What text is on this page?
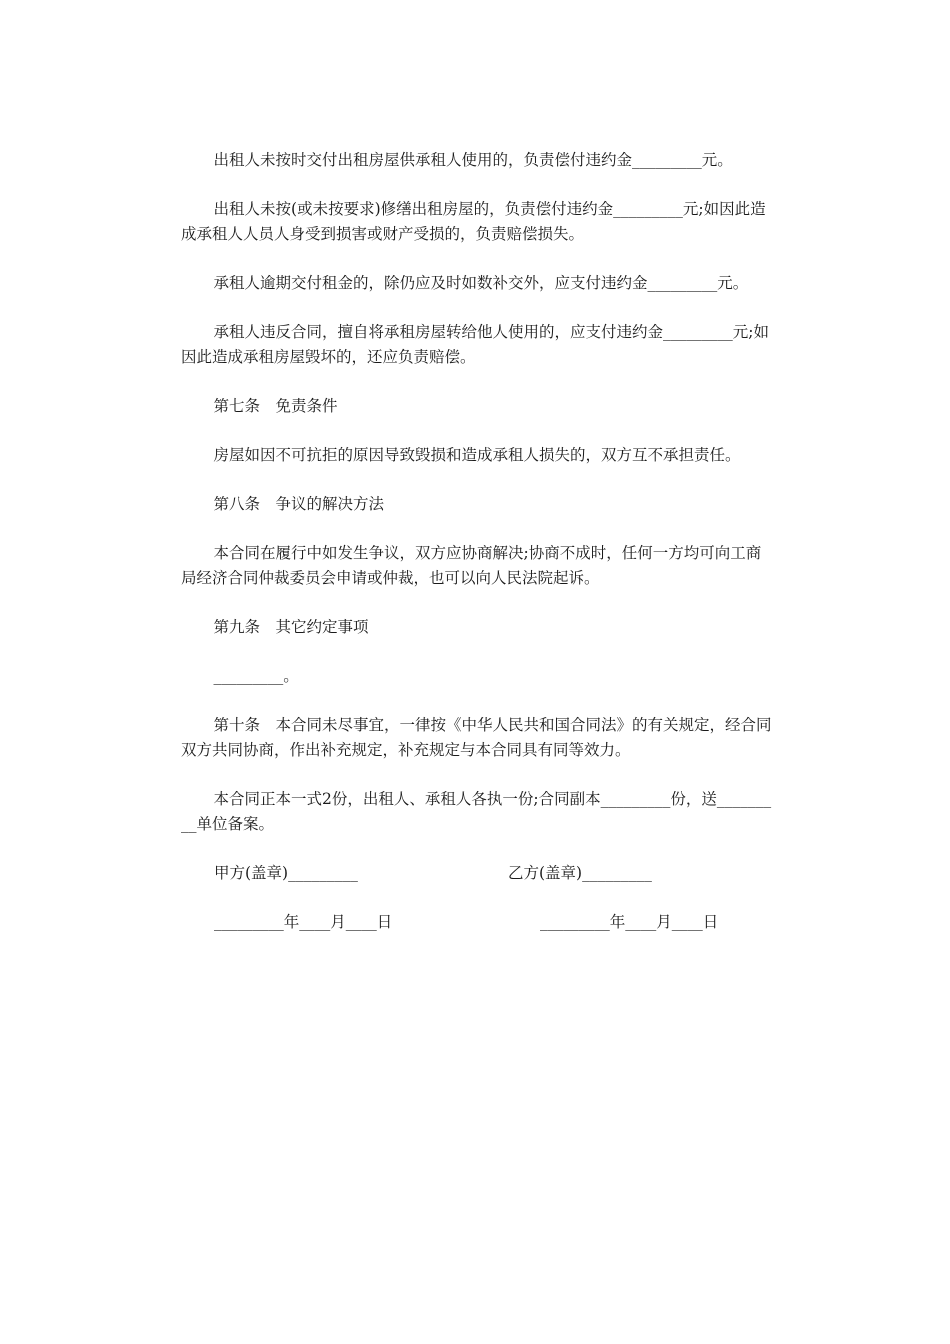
出租人未按时交付出租房屋供承租人使用的，负责偿付违约金_________元。

出租人未按(或未按要求)修缮出租房屋的，负责偿付违约金_________元;如因此造成承租人人员人身受到损害或财产受损的，负责赔偿损失。

承租人逾期交付租金的，除仍应及时如数补交外，应支付违约金_________元。

承租人违反合同，擅自将承租房屋转给他人使用的，应支付违约金_________元;如因此造成承租房屋毁坏的，还应负责赔偿。

第七条　免责条件

房屋如因不可抗拒的原因导致毁损和造成承租人损失的，双方互不承担责任。

第八条　争议的解决方法

本合同在履行中如发生争议，双方应协商解决;协商不成时，任何一方均可向工商局经济合同仲裁委员会申请或仲裁，也可以向人民法院起诉。

第九条　其它约定事项

_________。

第十条　本合同未尽事宜，一律按《中华人民共和国合同法》的有关规定，经合同双方共同协商，作出补充规定，补充规定与本合同具有同等效力。

本合同正本一式2份，出租人、承租人各执一份;合同副本_________份，送_________单位备案。

甲方(盖章)_________	乙方(盖章)_________
_________年____月____日	_________年____月____日
